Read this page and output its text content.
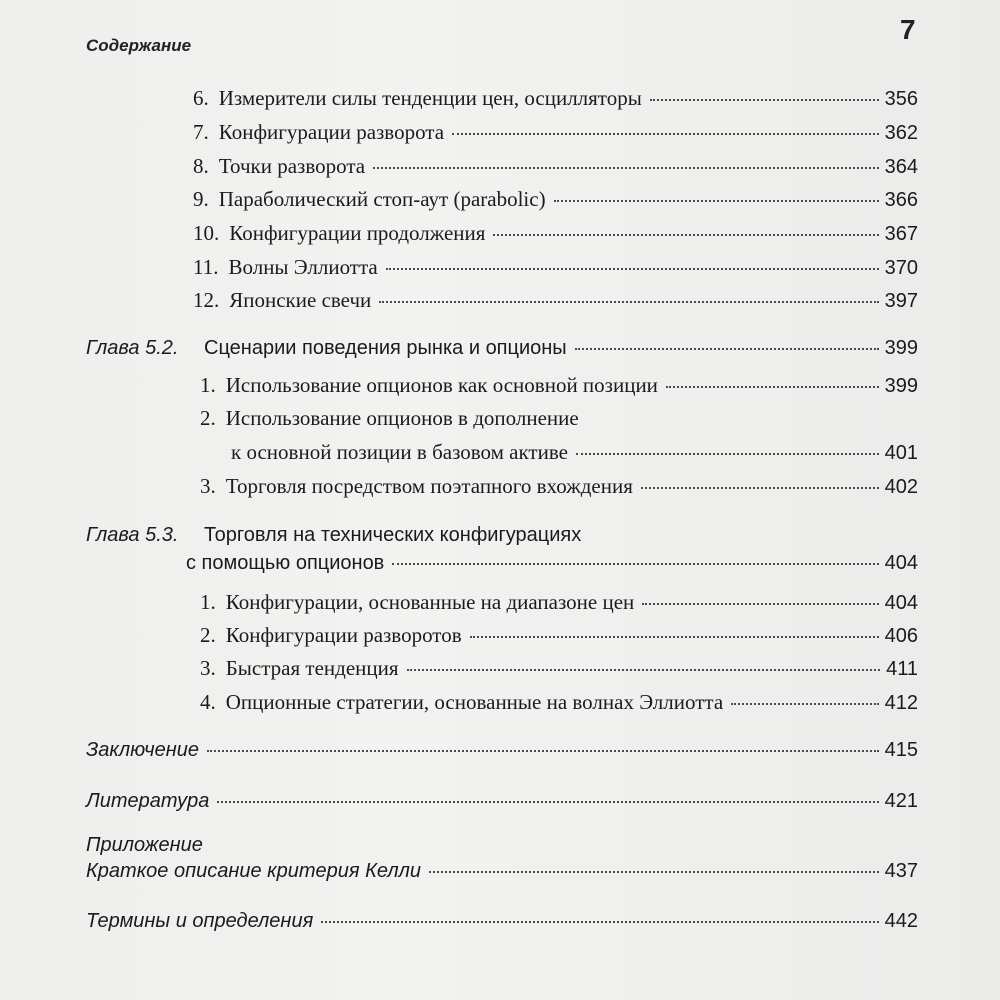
Содержание
7
6. Измерители силы тенденции цен, осцилляторы	356
7. Конфигурации разворота	362
8. Точки разворота	364
9. Параболический стоп-аут (parabolic)	366
10. Конфигурации продолжения	367
11. Волны Эллиотта	370
12. Японские свечи	397
Глава 5.2.	Сценарии поведения рынка и опционы	399
1. Использование опционов как основной позиции	399
2. Использование опционов в дополнение
к основной позиции в базовом активе	401
3. Торговля посредством поэтапного вхождения	402
Глава 5.3. Торговля на технических конфигурациях
с помощью опционов	404
1. Конфигурации, основанные на диапазоне цен	404
2. Конфигурации разворотов	406
3. Быстрая тенденция	411
4. Опционные стратегии, основанные на волнах Эллиотта	412
Заключение	415
Литература	421
Приложение
Краткое описание критерия Келли	437
Термины и определения	442
